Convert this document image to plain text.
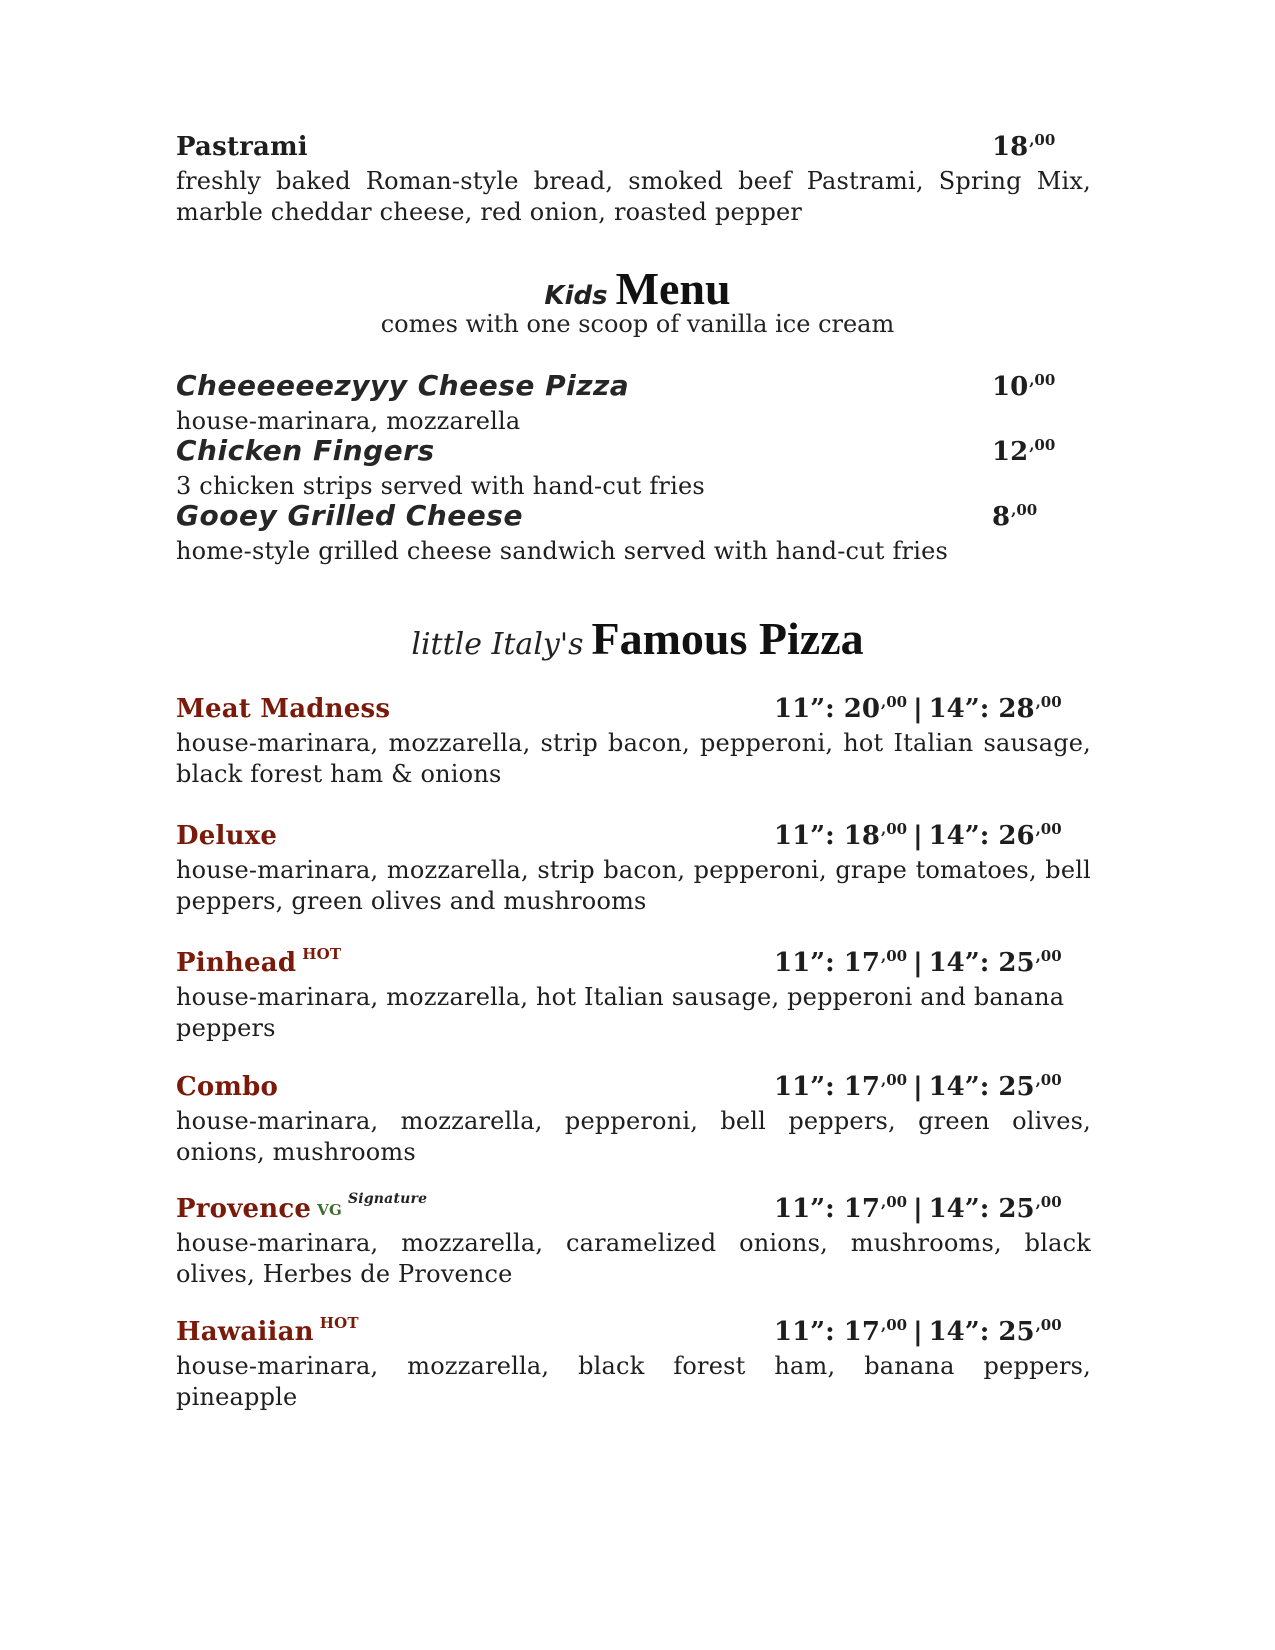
Pastrami	$18^{,00}$
freshly baked Roman-style bread, smoked beef Pastrami, Spring Mix, marble cheddar cheese, red onion, roasted pepper
Kids Menu
comes with one scoop of vanilla ice cream
Cheeeeeezyyy Cheese Pizza	$10^{,00}$
house-marinara, mozzarella
Chicken Fingers	$12^{,00}$
3 chicken strips served with hand-cut fries
Gooey Grilled Cheese	$8^{,00}$
home-style grilled cheese sandwich served with hand-cut fries
little Italy's Famous Pizza
Meat Madness	11”: $20^{,00}$ | 14”: $28^{,00}$
house-marinara, mozzarella, strip bacon, pepperoni, hot Italian sausage, black forest ham & onions
Deluxe	11”: $18^{,00}$ | 14”: $26^{,00}$
house-marinara, mozzarella, strip bacon, pepperoni, grape tomatoes, bell peppers, green olives and mushrooms
Pinhead $^{HOT}$	11”: $17^{,00}$ | 14”: $25^{,00}$
house-marinara, mozzarella, hot Italian sausage, pepperoni and banana peppers
Combo	11”: $17^{,00}$ | 14”: $25^{,00}$
house-marinara, mozzarella, pepperoni, bell peppers, green olives, onions, mushrooms
Provence $VG^{Signature}$	11”: $17^{,00}$ | 14”: $25^{,00}$
house-marinara, mozzarella, caramelized onions, mushrooms, black olives, Herbes de Provence
Hawaiian $^{HOT}$	11”: $17^{,00}$ | 14”: $25^{,00}$
house-marinara, mozzarella, black forest ham, banana peppers, pineapple
